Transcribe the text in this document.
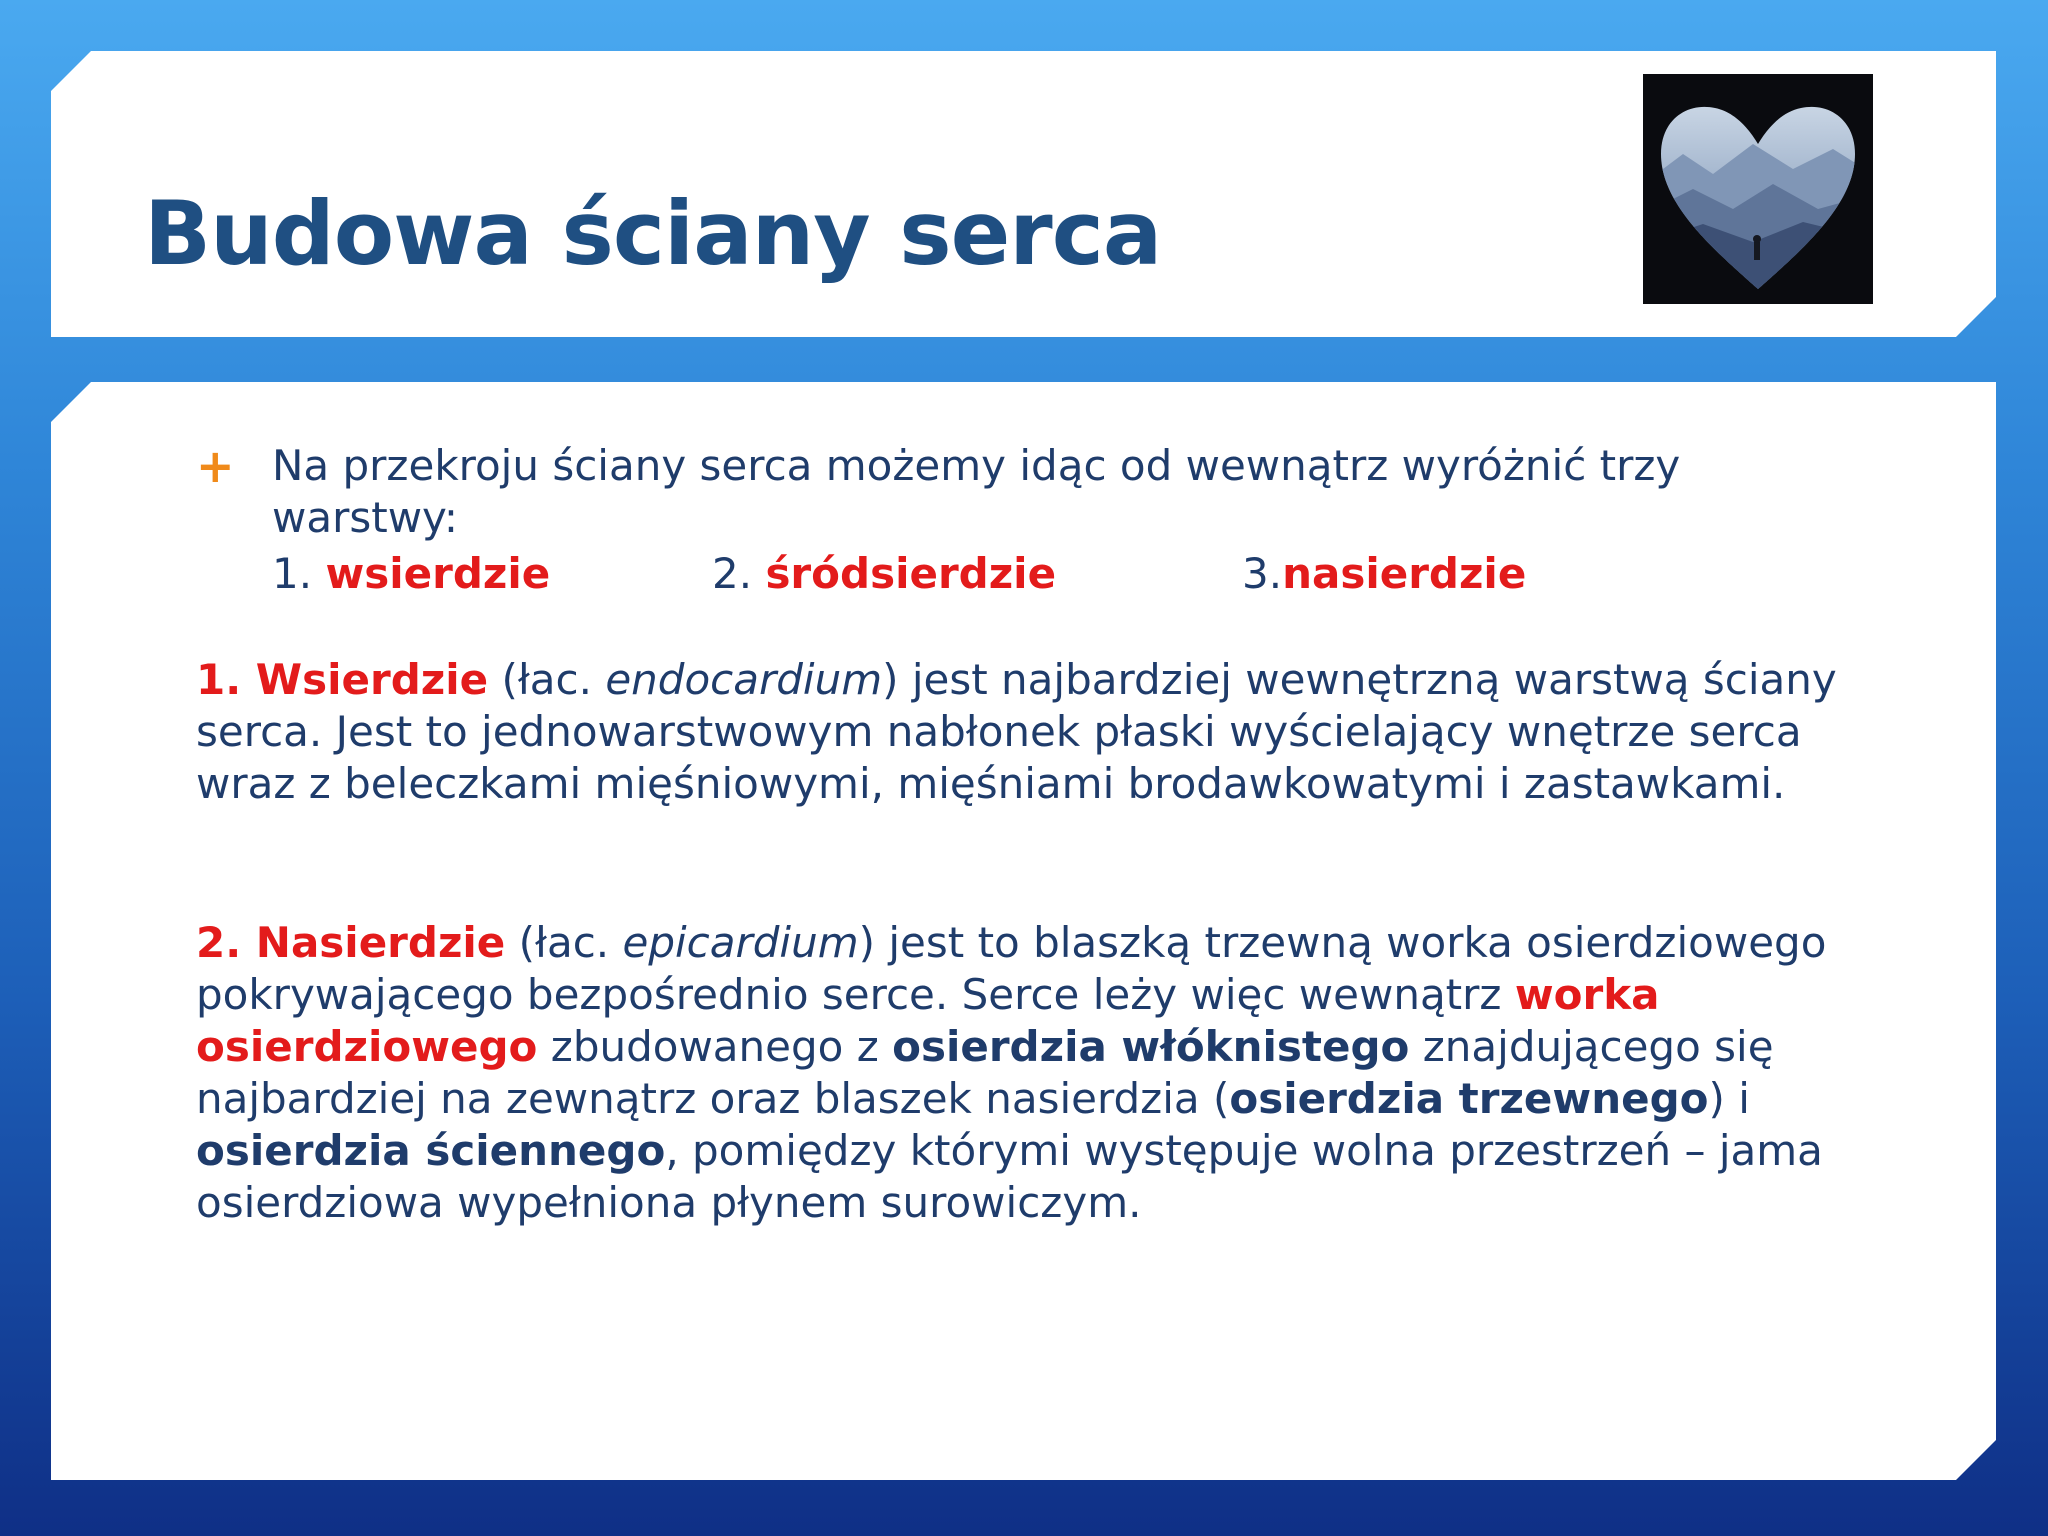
Budowa ściany serca
+ Na przekroju ściany serca możemy idąc od wewnątrz wyróżnić trzy warstwy:
1. wsierdzie	2. śródsierdzie	3.nasierdzie
1. Wsierdzie (łac. endocardium) jest najbardziej wewnętrzną warstwą ściany serca. Jest to jednowarstwowym nabłonek płaski wyścielający wnętrze serca wraz z beleczkami mięśniowymi, mięśniami brodawkowatymi i zastawkami.
2. Nasierdzie (łac. epicardium) jest to blaszką trzewną worka osierdziowego pokrywającego bezpośrednio serce. Serce leży więc wewnątrz worka osierdziowego zbudowanego z osierdzia włóknistego znajdującego się najbardziej na zewnątrz oraz blaszek nasierdzia (osierdzia trzewnego) i osierdzia ściennego, pomiędzy którymi występuje wolna przestrzeń – jama osierdziowa wypełniona płynem surowiczym.
